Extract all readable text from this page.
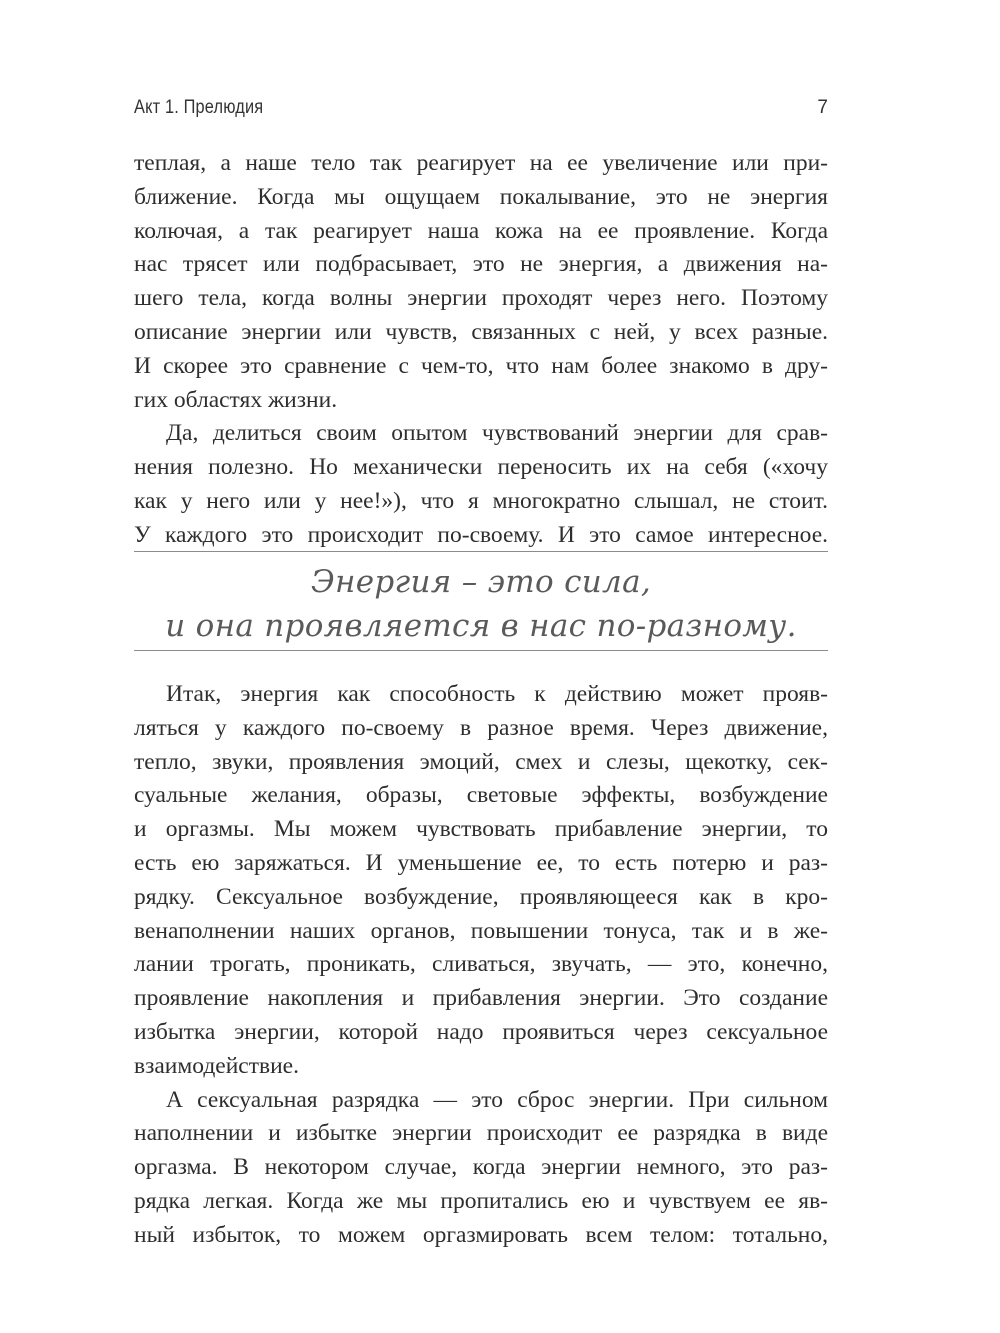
Акт 1. Прелюдия	7
теплая, а наше тело так реагирует на ее увеличение или при-
ближение. Когда мы ощущаем покалывание, это не энергия
колючая, а так реагирует наша кожа на ее проявление. Когда
нас трясет или подбрасывает, это не энергия, а движения на-
шего тела, когда волны энергии проходят через него. Поэтому
описание энергии или чувств, связанных с ней, у всех разные.
И скорее это сравнение с чем-то, что нам более знакомо в дру-
гих областях жизни.
Да, делиться своим опытом чувствований энергии для срав-
нения полезно. Но механически переносить их на себя («хочу
как у него или у нее!»), что я многократно слышал, не стоит.
У каждого это происходит по-своему. И это самое интересное.
Энергия – это сила,
и она проявляется в нас по-разному.
Итак, энергия как способность к действию может прояв-
ляться у каждого по-своему в разное время. Через движение,
тепло, звуки, проявления эмоций, смех и слезы, щекотку, сек-
суальные желания, образы, световые эффекты, возбуждение
и оргазмы. Мы можем чувствовать прибавление энергии, то
есть ею заряжаться. И уменьшение ее, то есть потерю и раз-
рядку. Сексуальное возбуждение, проявляющееся как в кро-
венаполнении наших органов, повышении тонуса, так и в же-
лании трогать, проникать, сливаться, звучать, — это, конечно,
проявление накопления и прибавления энергии. Это создание
избытка энергии, которой надо проявиться через сексуальное
взаимодействие.
А сексуальная разрядка — это сброс энергии. При сильном
наполнении и избытке энергии происходит ее разрядка в виде
оргазма. В некотором случае, когда энергии немного, это раз-
рядка легкая. Когда же мы пропитались ею и чувствуем ее яв-
ный избыток, то можем оргазмировать всем телом: тотально,
